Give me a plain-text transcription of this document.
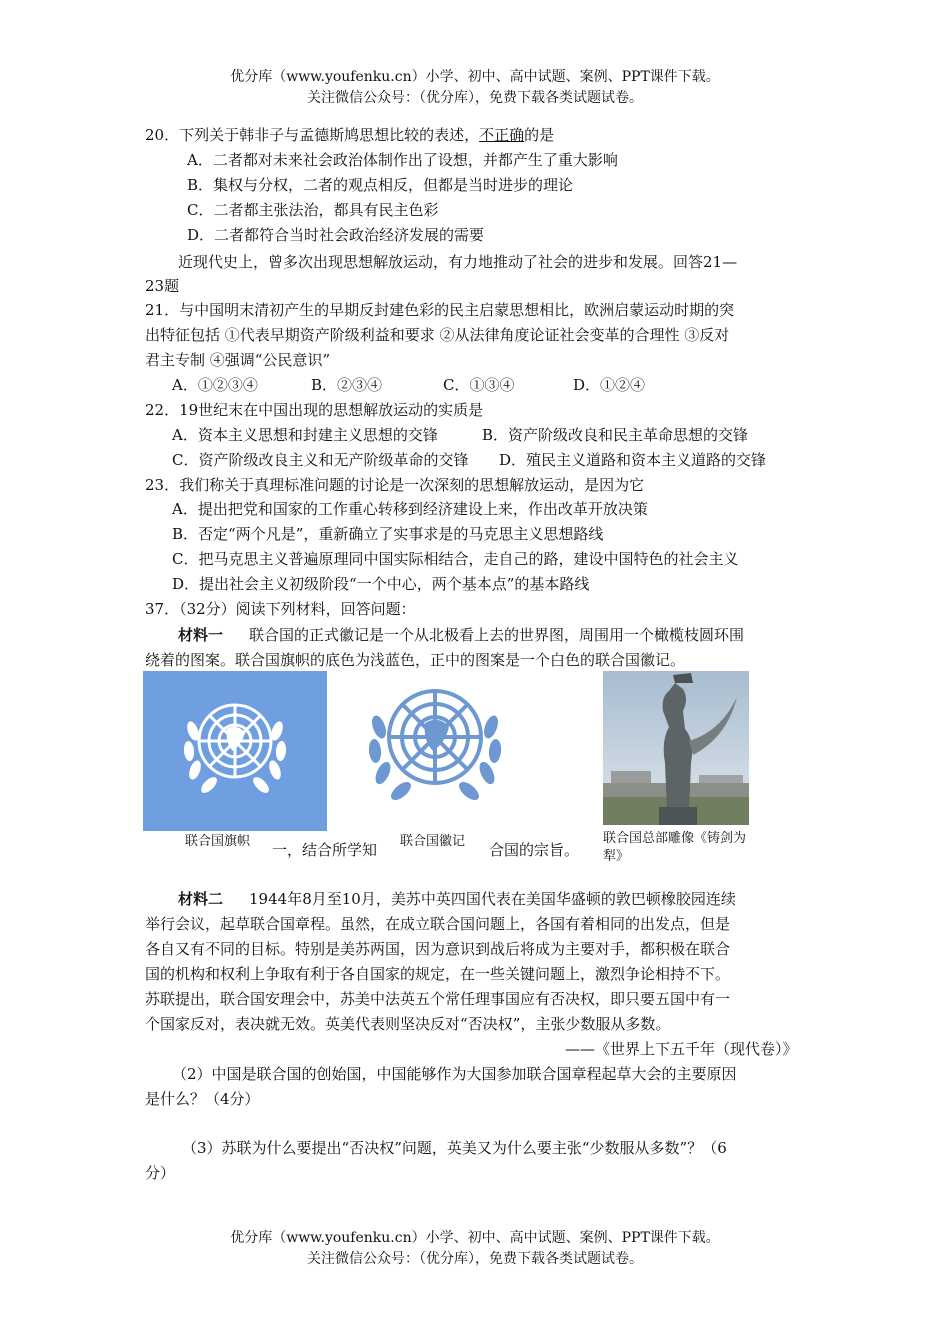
优分库（www.youfenku.cn）小学、初中、高中试题、案例、PPT课件下载。
关注微信公众号：（优分库），免费下载各类试题试卷。
20．下列关于韩非子与孟德斯鸠思想比较的表述，不正确的是
A．二者都对未来社会政治体制作出了设想，并都产生了重大影响
B．集权与分权，二者的观点相反，但都是当时进步的理论
C．二者都主张法治，都具有民主色彩
D．二者都符合当时社会政治经济发展的需要
近现代史上，曾多次出现思想解放运动，有力地推动了社会的进步和发展。回答21—
23题
21．与中国明末清初产生的早期反封建色彩的民主启蒙思想相比，欧洲启蒙运动时期的突
出特征包括 ①代表早期资产阶级利益和要求 ②从法律角度论证社会变革的合理性 ③反对
君主专制 ④强调“公民意识”
A．①②③④	B．②③④	C．①③④	D．①②④
22．19世纪末在中国出现的思想解放运动的实质是
A．资本主义思想和封建主义思想的交锋	B．资产阶级改良和民主革命思想的交锋
C．资产阶级改良主义和无产阶级革命的交锋 D．殖民主义道路和资本主义道路的交锋
23．我们称关于真理标准问题的讨论是一次深刻的思想解放运动，是因为它
A．提出把党和国家的工作重心转移到经济建设上来，作出改革开放决策
B．否定“两个凡是”，重新确立了实事求是的马克思主义思想路线
C．把马克思主义普遍原理同中国实际相结合，走自己的路，建设中国特色的社会主义
D．提出社会主义初级阶段“一个中心，两个基本点”的基本路线
37．（32分）阅读下列材料，回答问题：
材料一 联合国的正式徽记是一个从北极看上去的世界图，周围用一个橄榄枝圆环围
绕着的图案。联合国旗帜的底色为浅蓝色，正中的图案是一个白色的联合国徽记。
联合国旗帜	联合国徽记	联合国总部雕像《铸剑为
犁》
一，结合所学知	合国的宗旨。
材料二 1944年8月至10月，美苏中英四国代表在美国华盛顿的敦巴顿橡胶园连续
举行会议，起草联合国章程。虽然，在成立联合国问题上，各国有着相同的出发点，但是
各自又有不同的目标。特别是美苏两国，因为意识到战后将成为主要对手，都积极在联合
国的机构和权利上争取有利于各自国家的规定，在一些关键问题上，激烈争论相持不下。
苏联提出，联合国安理会中，苏美中法英五个常任理事国应有否决权，即只要五国中有一
个国家反对，表决就无效。英美代表则坚决反对“否决权”，主张少数服从多数。
——《世界上下五千年（现代卷）》
（2）中国是联合国的创始国，中国能够作为大国参加联合国章程起草大会的主要原因
是什么？（4分）
（3）苏联为什么要提出“否决权”问题，英美又为什么要主张“少数服从多数”？（6
分）
优分库（www.youfenku.cn）小学、初中、高中试题、案例、PPT课件下载。
关注微信公众号：（优分库），免费下载各类试题试卷。
